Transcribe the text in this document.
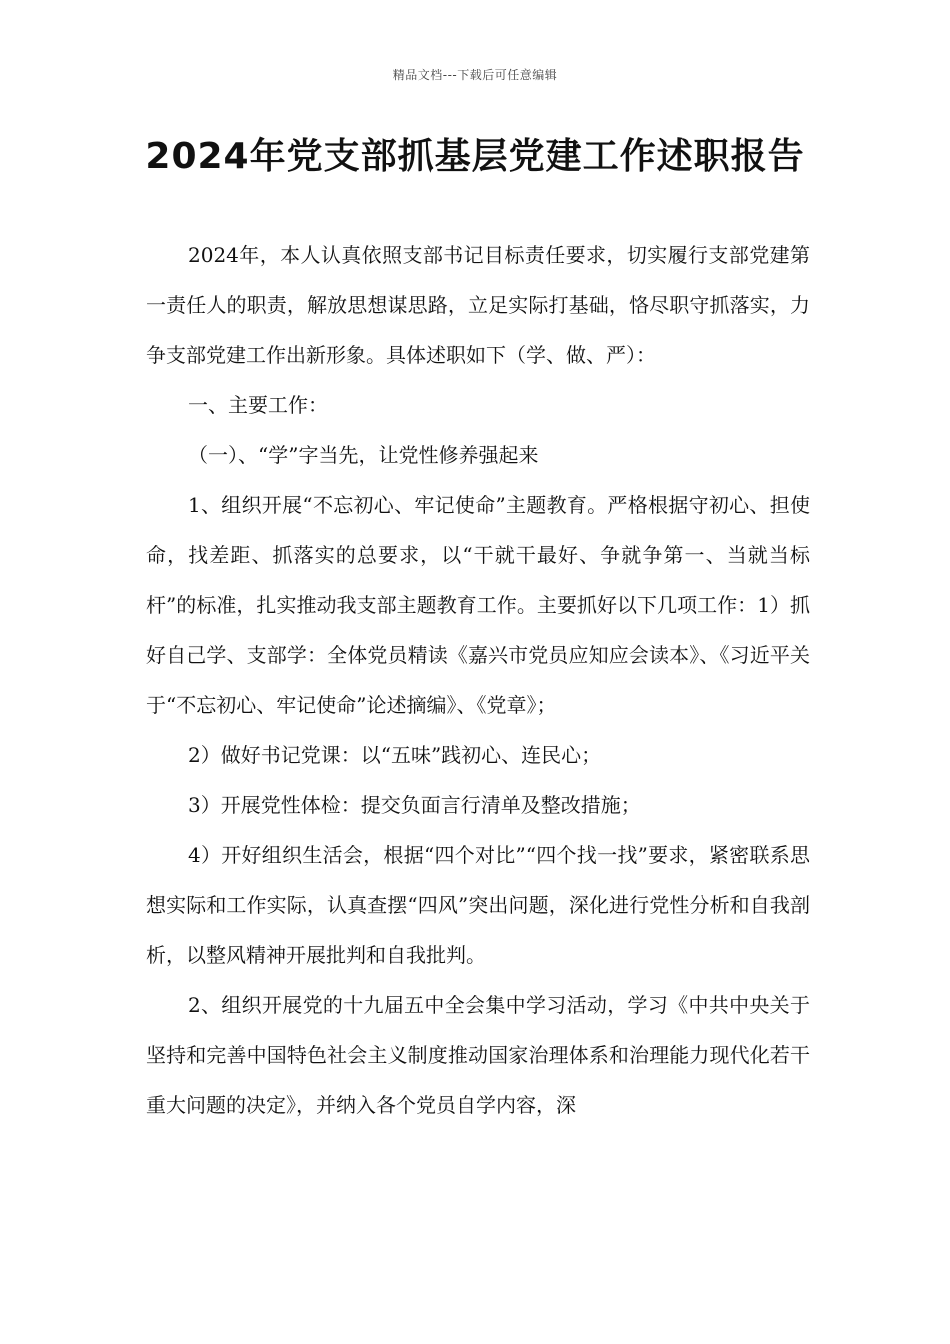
精品文档---下载后可任意编辑
2024年党支部抓基层党建工作述职报告

2024年，本人认真依照支部书记目标责任要求，切实履行支部党建第一责任人的职责，解放思想谋思路，立足实际打基础，恪尽职守抓落实，力争支部党建工作出新形象。具体述职如下（学、做、严）：

一、主要工作：

（一）、“学”字当先，让党性修养强起来

1、组织开展“不忘初心、牢记使命”主题教育。严格根据守初心、担使命，找差距、抓落实的总要求，以“干就干最好、争就争第一、当就当标杆”的标准，扎实推动我支部主题教育工作。主要抓好以下几项工作：1）抓好自己学、支部学：全体党员精读《嘉兴市党员应知应会读本》、《习近平关于“不忘初心、牢记使命”论述摘编》、《党章》；

2）做好书记党课：以“五味”践初心、连民心；

3）开展党性体检：提交负面言行清单及整改措施；

4）开好组织生活会，根据“四个对比”“四个找一找”要求，紧密联系思想实际和工作实际，认真查摆“四风”突出问题，深化进行党性分析和自我剖析，以整风精神开展批判和自我批判。

2、组织开展党的十九届五中全会集中学习活动，学习《中共中央关于坚持和完善中国特色社会主义制度推动国家治理体系和治理能力现代化若干重大问题的决定》，并纳入各个党员自学内容，深
